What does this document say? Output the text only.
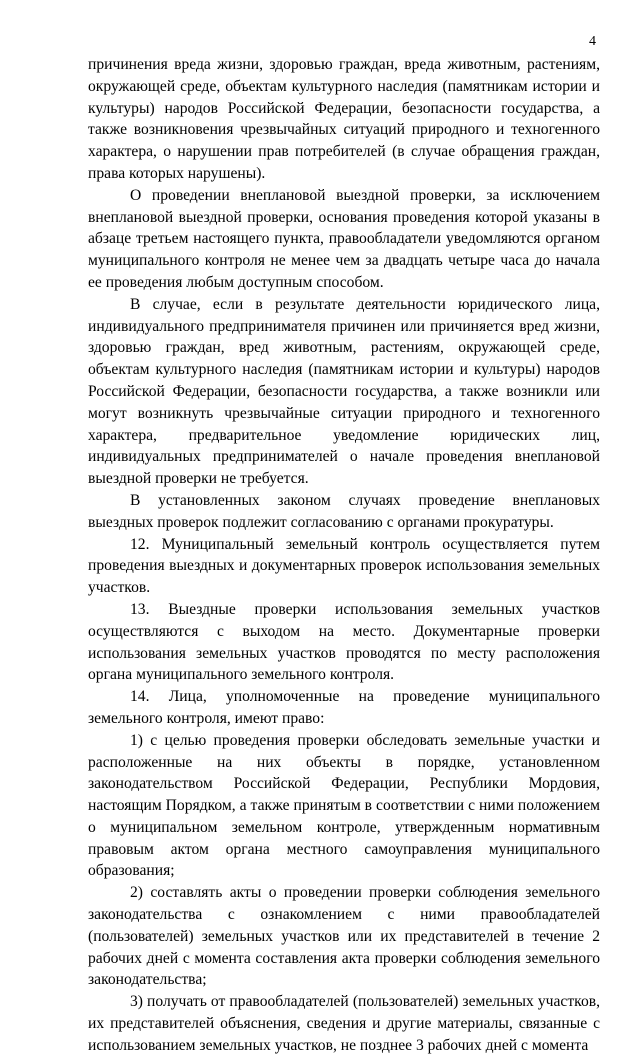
4

причинения вреда жизни, здоровью граждан, вреда животным, растениям, окружающей среде, объектам культурного наследия (памятникам истории и культуры) народов Российской Федерации, безопасности государства, а также возникновения чрезвычайных ситуаций природного и техногенного характера, о нарушении прав потребителей (в случае обращения граждан, права которых нарушены).

О проведении внеплановой выездной проверки, за исключением внеплановой выездной проверки, основания проведения которой указаны в абзаце третьем настоящего пункта, правообладатели уведомляются органом муниципального контроля не менее чем за двадцать четыре часа до начала ее проведения любым доступным способом.

В случае, если в результате деятельности юридического лица, индивидуального предпринимателя причинен или причиняется вред жизни, здоровью граждан, вред животным, растениям, окружающей среде, объектам культурного наследия (памятникам истории и культуры) народов Российской Федерации, безопасности государства, а также возникли или могут возникнуть чрезвычайные ситуации природного и техногенного характера, предварительное уведомление юридических лиц, индивидуальных предпринимателей о начале проведения внеплановой выездной проверки не требуется.

В установленных законом случаях проведение внеплановых выездных проверок подлежит согласованию с органами прокуратуры.

12. Муниципальный земельный контроль осуществляется путем проведения выездных и документарных проверок использования земельных участков.

13. Выездные проверки использования земельных участков осуществляются с выходом на место. Документарные проверки использования земельных участков проводятся по месту расположения органа муниципального земельного контроля.

14. Лица, уполномоченные на проведение муниципального земельного контроля, имеют право:

1) с целью проведения проверки обследовать земельные участки и расположенные на них объекты в порядке, установленном законодательством Российской Федерации, Республики Мордовия, настоящим Порядком, а также принятым в соответствии с ними положением о муниципальном земельном контроле, утвержденным нормативным правовым актом органа местного самоуправления муниципального образования;

2) составлять акты о проведении проверки соблюдения земельного законодательства с ознакомлением с ними правообладателей (пользователей) земельных участков или их представителей в течение 2 рабочих дней с момента составления акта проверки соблюдения земельного законодательства;

3) получать от правообладателей (пользователей) земельных участков, их представителей объяснения, сведения и другие материалы, связанные с использованием земельных участков, не позднее 3 рабочих дней с момента
